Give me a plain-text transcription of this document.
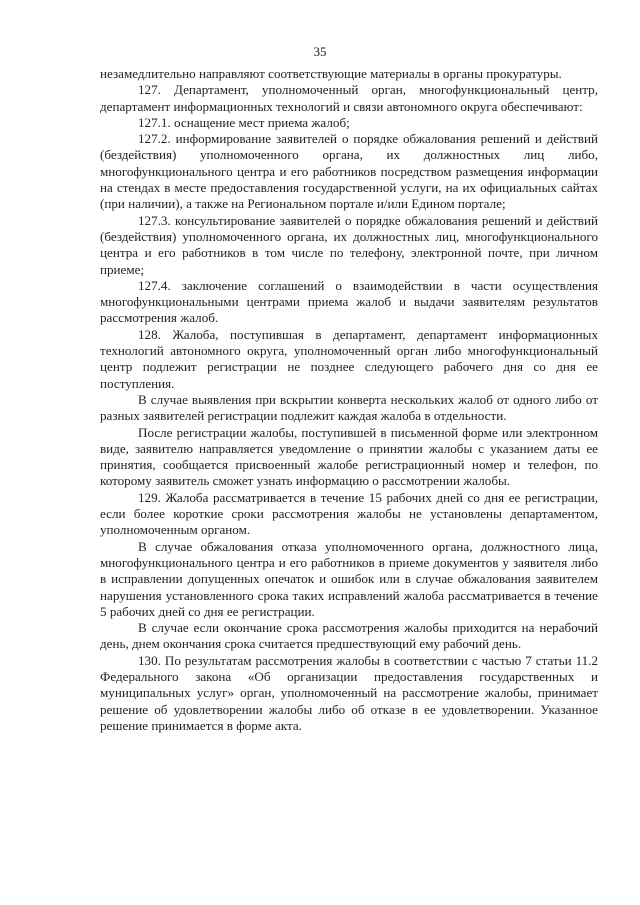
35

незамедлительно направляют соответствующие материалы в органы прокуратуры.

127. Департамент, уполномоченный орган, многофункциональный центр, департамент информационных технологий и связи автономного округа обеспечивают:

127.1. оснащение мест приема жалоб;

127.2. информирование заявителей о порядке обжалования решений и действий (бездействия) уполномоченного органа, их должностных лиц либо, многофункционального центра и его работников посредством размещения информации на стендах в месте предоставления государственной услуги, на их официальных сайтах (при наличии), а также на Региональном портале и/или Едином портале;

127.3. консультирование заявителей о порядке обжалования решений и действий (бездействия) уполномоченного органа, их должностных лиц, многофункционального центра и его работников в том числе по телефону, электронной почте, при личном приеме;

127.4. заключение соглашений о взаимодействии в части осуществления многофункциональными центрами приема жалоб и выдачи заявителям результатов рассмотрения жалоб.

128. Жалоба, поступившая в департамент, департамент информационных технологий автономного округа, уполномоченный орган либо многофункциональный центр подлежит регистрации не позднее следующего рабочего дня со дня ее поступления.

В случае выявления при вскрытии конверта нескольких жалоб от одного либо от разных заявителей регистрации подлежит каждая жалоба в отдельности.

После регистрации жалобы, поступившей в письменной форме или электронном виде, заявителю направляется уведомление о принятии жалобы с указанием даты ее принятия, сообщается присвоенный жалобе регистрационный номер и телефон, по которому заявитель сможет узнать информацию о рассмотрении жалобы.

129. Жалоба рассматривается в течение 15 рабочих дней со дня ее регистрации, если более короткие сроки рассмотрения жалобы не установлены департаментом, уполномоченным органом.

В случае обжалования отказа уполномоченного органа, должностного лица, многофункционального центра и его работников в приеме документов у заявителя либо в исправлении допущенных опечаток и ошибок или в случае обжалования заявителем нарушения установленного срока таких исправлений жалоба рассматривается в течение 5 рабочих дней со дня ее регистрации.

В случае если окончание срока рассмотрения жалобы приходится на нерабочий день, днем окончания срока считается предшествующий ему рабочий день.

130. По результатам рассмотрения жалобы в соответствии с частью 7 статьи 11.2 Федерального закона «Об организации предоставления государственных и муниципальных услуг» орган, уполномоченный на рассмотрение жалобы, принимает решение об удовлетворении жалобы либо об отказе в ее удовлетворении. Указанное решение принимается в форме акта.
